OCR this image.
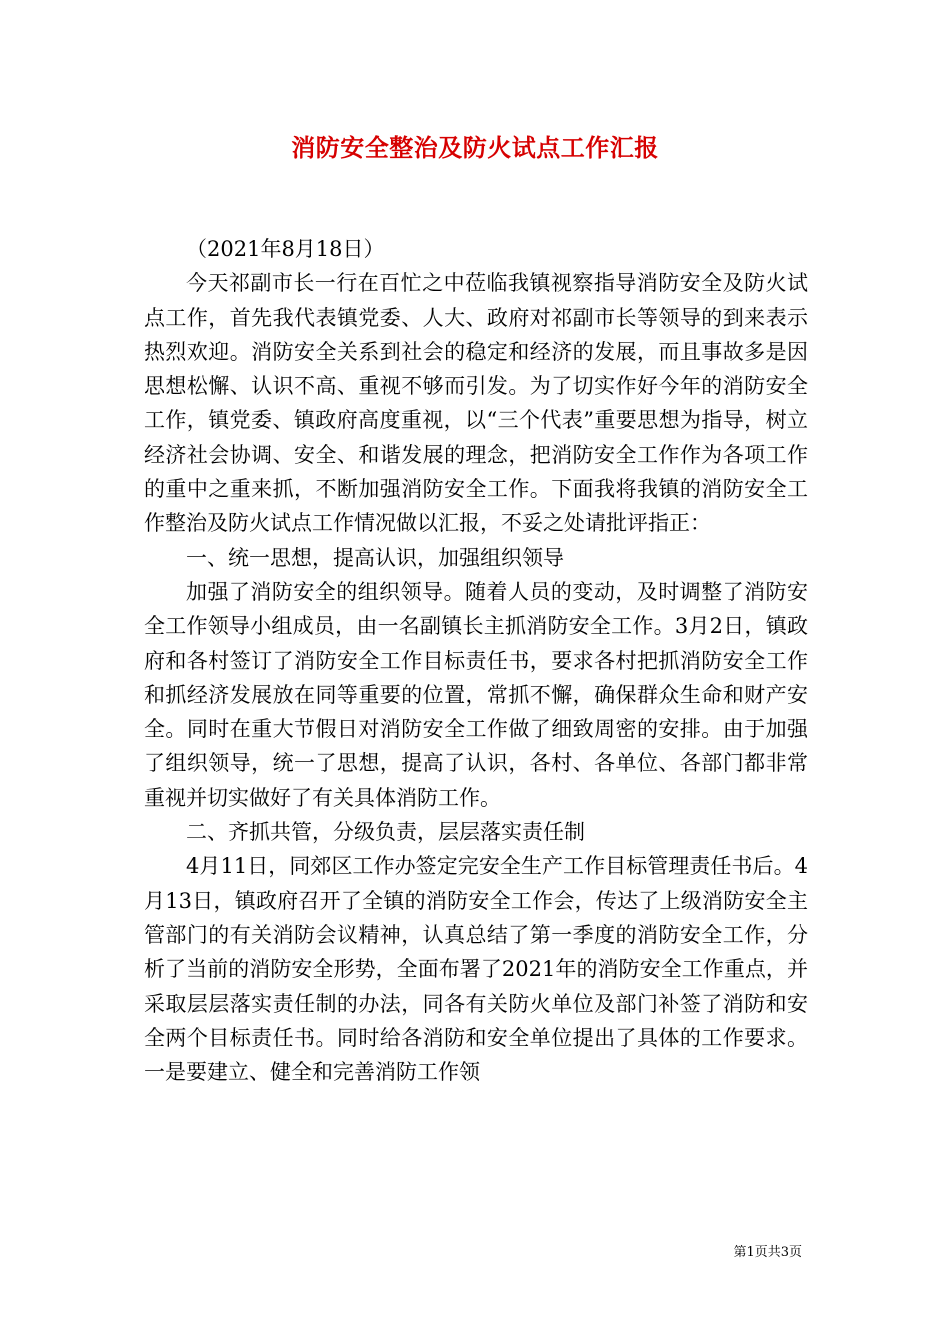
消防安全整治及防火试点工作汇报

（2021年8月18日）

今天祁副市长一行在百忙之中莅临我镇视察指导消防安全及防火试点工作，首先我代表镇党委、人大、政府对祁副市长等领导的到来表示热烈欢迎。消防安全关系到社会的稳定和经济的发展，而且事故多是因思想松懈、认识不高、重视不够而引发。为了切实作好今年的消防安全工作，镇党委、镇政府高度重视，以“三个代表”重要思想为指导，树立经济社会协调、安全、和谐发展的理念，把消防安全工作作为各项工作的重中之重来抓，不断加强消防安全工作。下面我将我镇的消防安全工作整治及防火试点工作情况做以汇报，不妥之处请批评指正：

一、统一思想，提高认识，加强组织领导

加强了消防安全的组织领导。随着人员的变动，及时调整了消防安全工作领导小组成员，由一名副镇长主抓消防安全工作。3月2日，镇政府和各村签订了消防安全工作目标责任书，要求各村把抓消防安全工作和抓经济发展放在同等重要的位置，常抓不懈，确保群众生命和财产安全。同时在重大节假日对消防安全工作做了细致周密的安排。由于加强了组织领导，统一了思想，提高了认识，各村、各单位、各部门都非常重视并切实做好了有关具体消防工作。

二、齐抓共管，分级负责，层层落实责任制

4月11日，同郊区工作办签定完安全生产工作目标管理责任书后。4月13日，镇政府召开了全镇的消防安全工作会，传达了上级消防安全主管部门的有关消防会议精神，认真总结了第一季度的消防安全工作，分析了当前的消防安全形势，全面布署了2021年的消防安全工作重点，并采取层层落实责任制的办法，同各有关防火单位及部门补签了消防和安全两个目标责任书。同时给各消防和安全单位提出了具体的工作要求。一是要建立、健全和完善消防工作领

第1页共3页
